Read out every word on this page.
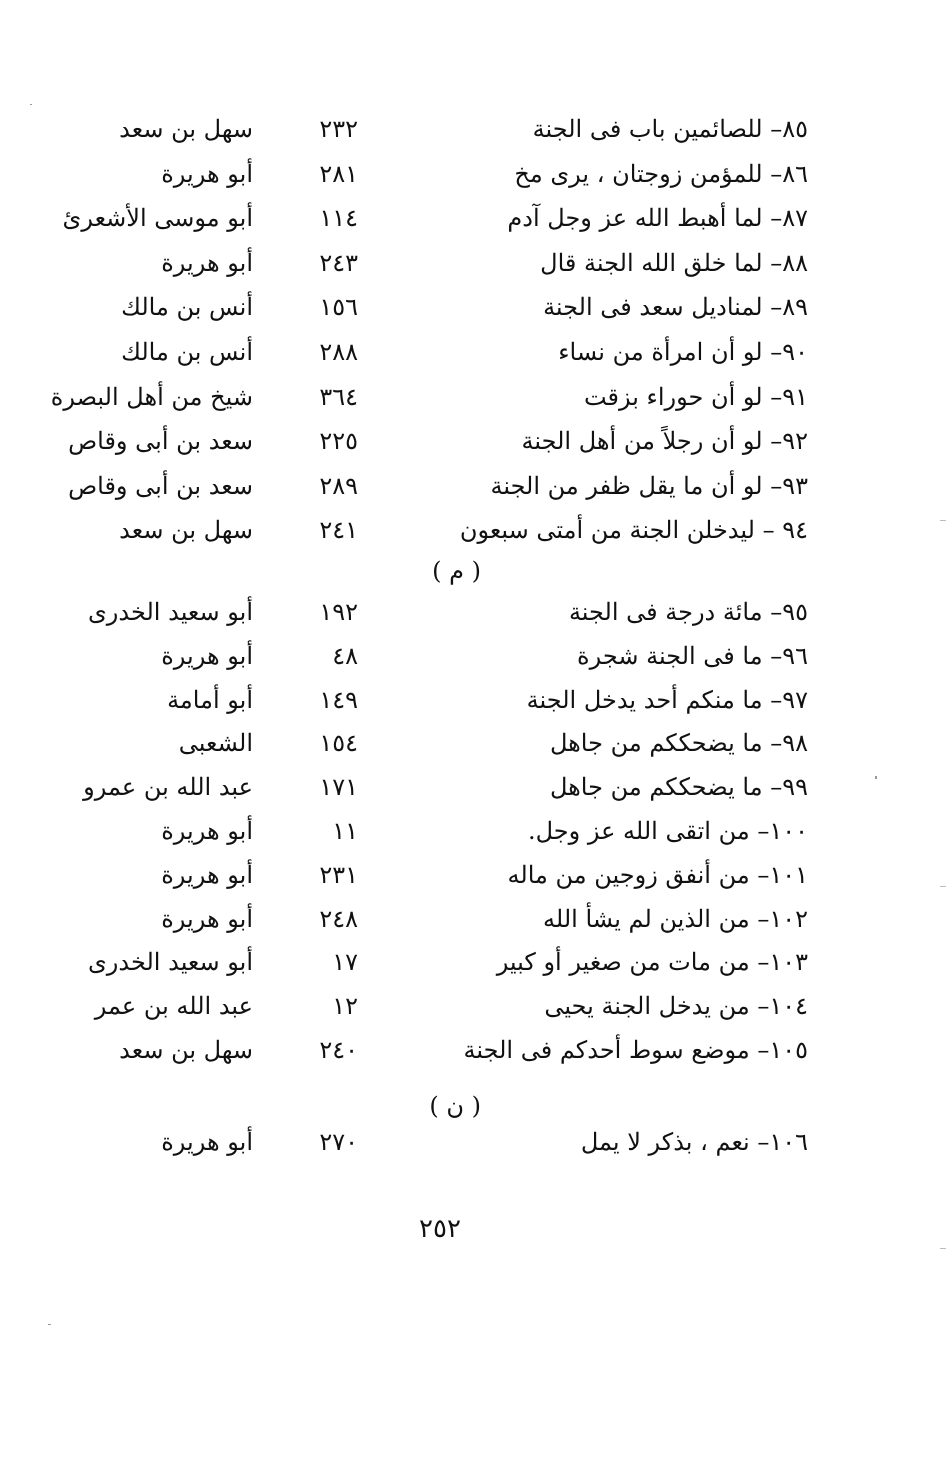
٨٥– للصائمين باب فى الجنة
٢٣٢
سهل بن سعد
٨٦– للمؤمن زوجتان ، يرى مخ
٢٨١
أبو هريرة
٨٧– لما أهبط الله عز وجل آدم
١١٤
أبو موسى الأشعرئ
٨٨– لما خلق الله الجنة قال
٢٤٣
أبو هريرة
٨٩– لمناديل سعد فى الجنة
١٥٦
أنس بن مالك
٩٠– لو أن امرأة من نساء
٢٨٨
أنس بن مالك
٩١– لو أن حوراء بزقت
٣٦٤
شيخ من أهل البصرة
٩٢– لو أن رجلاً من أهل الجنة
٢٢٥
سعد بن أبى وقاص
٩٣– لو أن ما يقل ظفر من الجنة
٢٨٩
سعد بن أبى وقاص
٩٤ – ليدخلن الجنة من أمتى سبعون
٢٤١
سهل بن سعد
( م )
٩٥– مائة درجة فى الجنة
١٩٢
أبو سعيد الخدرى
٩٦– ما فى الجنة شجرة
٤٨
أبو هريرة
٩٧– ما منكم أحد يدخل الجنة
١٤٩
أبو أمامة
٩٨– ما يضحككم من جاهل
١٥٤
الشعبى
٩٩– ما يضحككم من جاهل
١٧١
عبد الله بن عمرو
١٠٠– من اتقى الله عز وجل.
١١
أبو هريرة
١٠١– من أنفق زوجين من ماله
٢٣١
أبو هريرة
١٠٢– من الذين لم يشأ الله
٢٤٨
أبو هريرة
١٠٣– من مات من صغير أو كبير
١٧
أبو سعيد الخدرى
١٠٤– من يدخل الجنة يحيى
١٢
عبد الله بن عمر
١٠٥– موضع سوط أحدكم فى الجنة
٢٤٠
سهل بن سعد
( ن )
١٠٦– نعم ، بذكر لا يمل
٢٧٠
أبو هريرة
٢٥٢
